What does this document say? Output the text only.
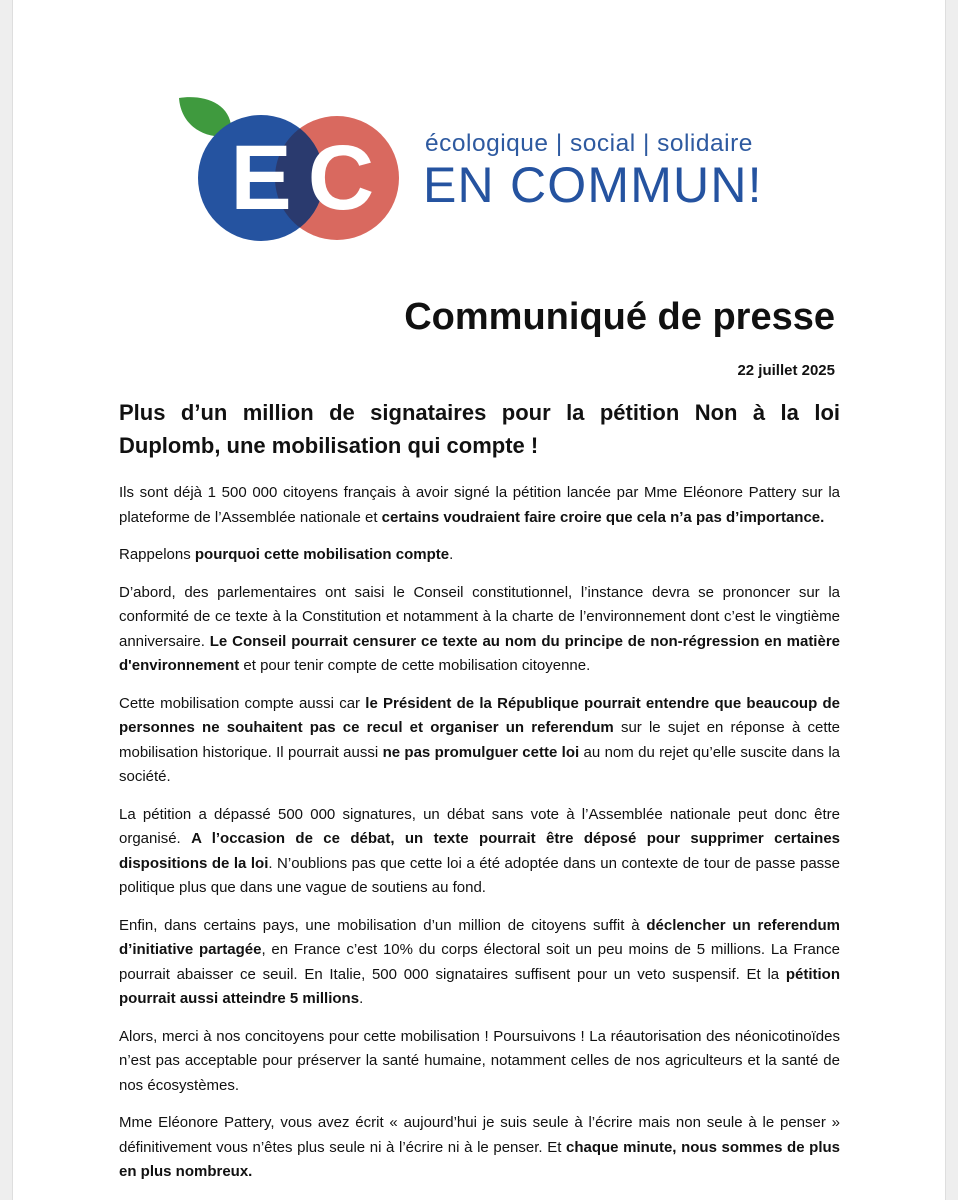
E C écologique | social | solidaire
EN COMMUN!
Communiqué de presse
22 juillet 2025
Plus d’un million de signataires pour la pétition Non à la loi Duplomb, une mobilisation qui compte !

Ils sont déjà 1 500 000 citoyens français à avoir signé la pétition lancée par Mme Eléonore Pattery sur la plateforme de l’Assemblée nationale et certains voudraient faire croire que cela n’a pas d’importance.

Rappelons pourquoi cette mobilisation compte.

D’abord, des parlementaires ont saisi le Conseil constitutionnel, l’instance devra se prononcer sur la conformité de ce texte à la Constitution et notamment à la charte de l’environnement dont c’est le vingtième anniversaire. Le Conseil pourrait censurer ce texte au nom du principe de non-régression en matière d'environnement et pour tenir compte de cette mobilisation citoyenne.

Cette mobilisation compte aussi car le Président de la République pourrait entendre que beaucoup de personnes ne souhaitent pas ce recul et organiser un referendum sur le sujet en réponse à cette mobilisation historique. Il pourrait aussi ne pas promulguer cette loi au nom du rejet qu’elle suscite dans la société.

La pétition a dépassé 500 000 signatures, un débat sans vote à l’Assemblée nationale peut donc être organisé. A l’occasion de ce débat, un texte pourrait être déposé pour supprimer certaines dispositions de la loi. N’oublions pas que cette loi a été adoptée dans un contexte de tour de passe passe politique plus que dans une vague de soutiens au fond.

Enfin, dans certains pays, une mobilisation d’un million de citoyens suffit à déclencher un referendum d’initiative partagée, en France c’est 10% du corps électoral soit un peu moins de 5 millions. La France pourrait abaisser ce seuil. En Italie, 500 000 signataires suffisent pour un veto suspensif. Et la pétition pourrait aussi atteindre 5 millions.

Alors, merci à nos concitoyens pour cette mobilisation ! Poursuivons ! La réautorisation des néonicotinoïdes n’est pas acceptable pour préserver la santé humaine, notamment celles de nos agriculteurs et la santé de nos écosystèmes.

Mme Eléonore Pattery, vous avez écrit « aujourd’hui je suis seule à l’écrire mais non seule à le penser » définitivement vous n’êtes plus seule ni à l’écrire ni à le penser. Et chaque minute, nous sommes de plus en plus nombreux.
